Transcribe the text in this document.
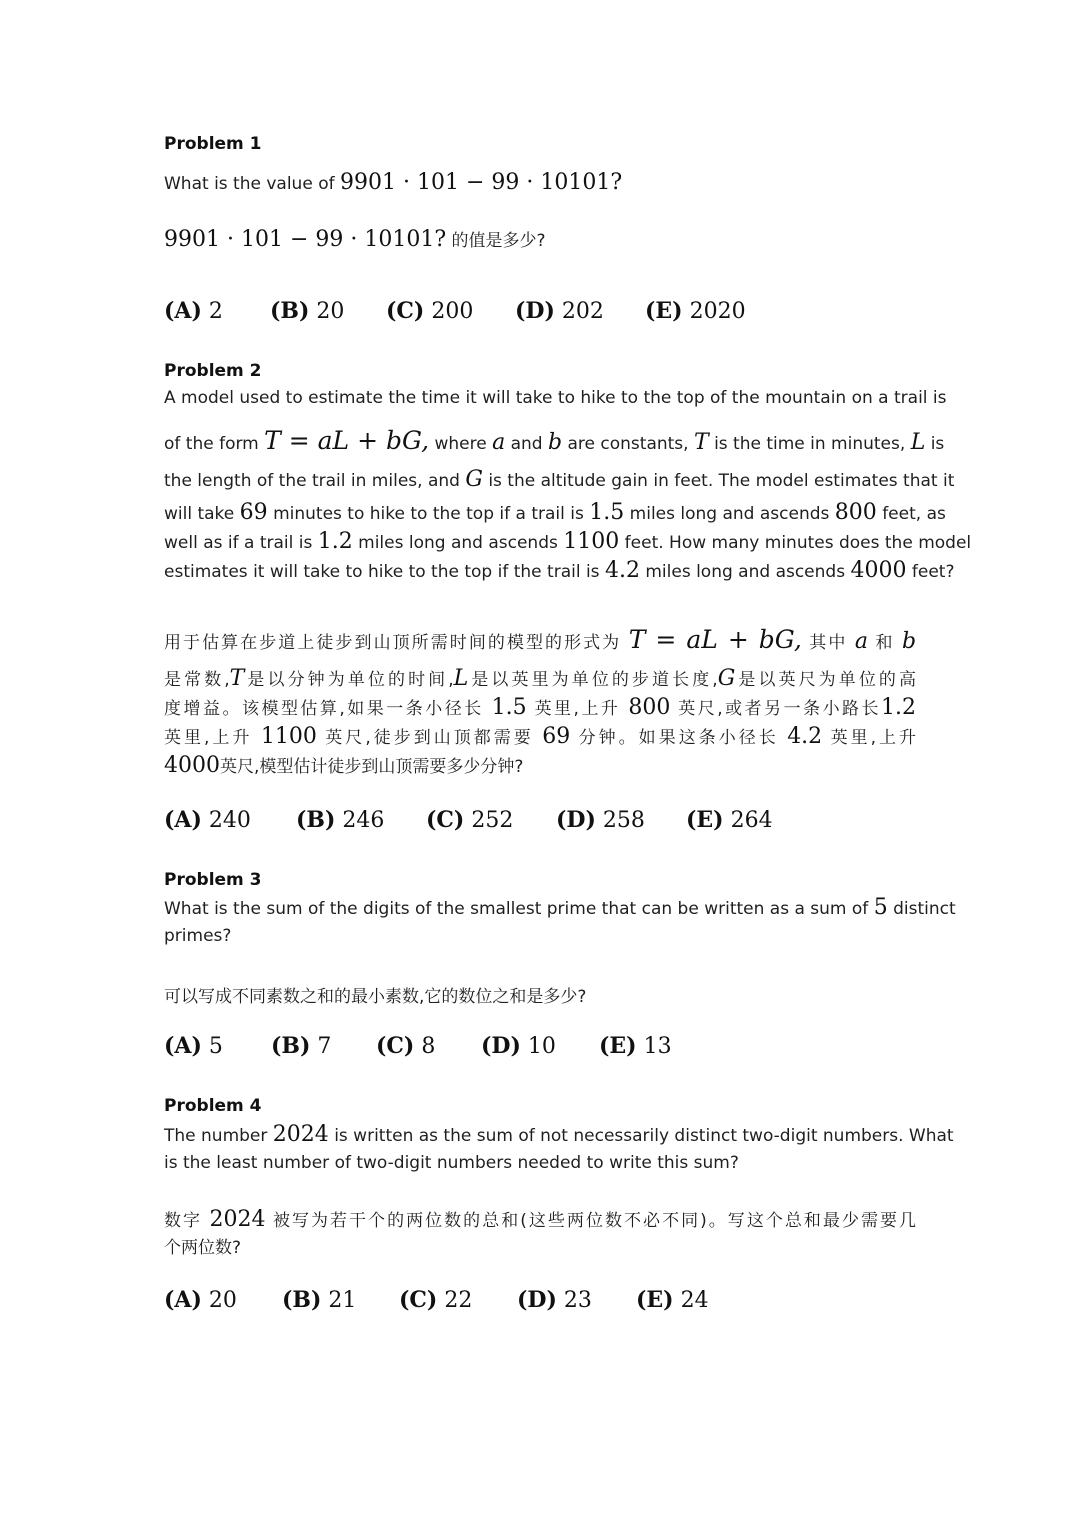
Problem 1

What is the value of 9901 · 101 − 99 · 10101?

9901 · 101 − 99 · 10101? 的值是多少?

(A) 2 (B) 20 (C) 200 (D) 202 (E) 2020
Problem 2
A model used to estimate the time it will take to hike to the top of the mountain on a trail is
of the form T = aL + bG, where a and b are constants, T is the time in minutes, L is
the length of the trail in miles, and G is the altitude gain in feet. The model estimates that it
will take 69 minutes to hike to the top if a trail is 1.5 miles long and ascends 800 feet, as
well as if a trail is 1.2 miles long and ascends 1100 feet. How many minutes does the model
estimates it will take to hike to the top if the trail is 4.2 miles long and ascends 4000 feet?
用于估算在步道上徒步到山顶所需时间的模型的形式为 T = aL + bG, 其中 a 和 b
是常数,T是以分钟为单位的时间,L是以英里为单位的步道长度,G是以英尺为单位的高
度增益。该模型估算,如果一条小径长 1.5 英里,上升 800 英尺,或者另一条小路长1.2
英里,上升 1100 英尺,徒步到山顶都需要 69 分钟。如果这条小径长 4.2 英里,上升
4000英尺,模型估计徒步到山顶需要多少分钟?
(A) 240 (B) 246 (C) 252 (D) 258 (E) 264
Problem 3
What is the sum of the digits of the smallest prime that can be written as a sum of 5 distinct
primes?

可以写成不同素数之和的最小素数,它的数位之和是多少?

(A) 5 (B) 7 (C) 8 (D) 10 (E) 13
Problem 4
The number 2024 is written as the sum of not necessarily distinct two-digit numbers. What
is the least number of two-digit numbers needed to write this sum?
数字 2024 被写为若干个的两位数的总和(这些两位数不必不同)。写这个总和最少需要几
个两位数?
(A) 20 (B) 21 (C) 22 (D) 23 (E) 24
